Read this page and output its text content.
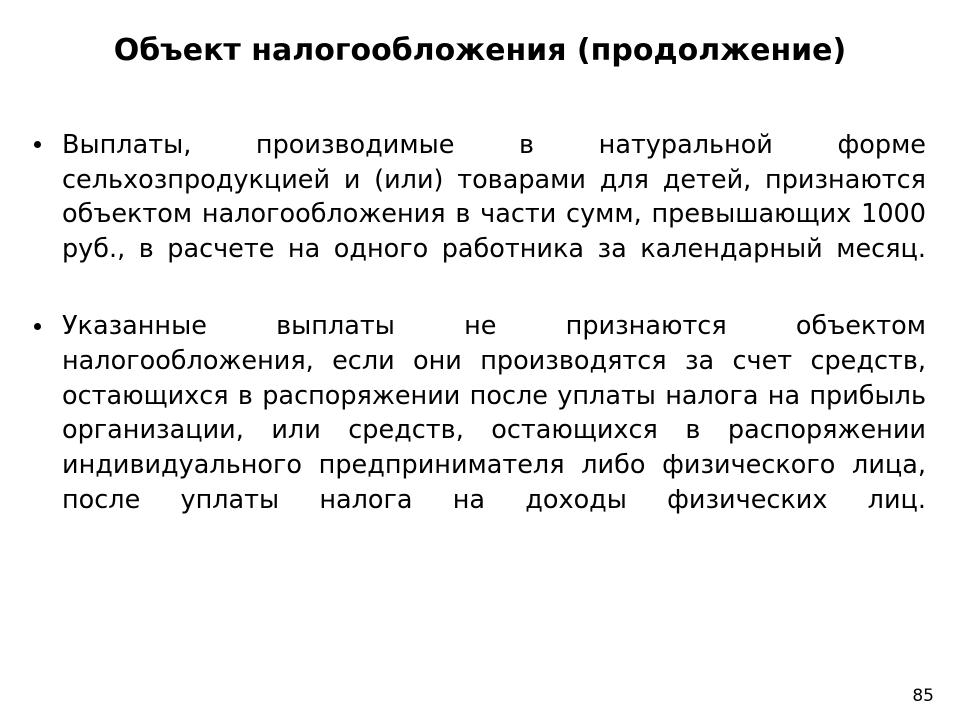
Объект налогообложения (продолжение)
Выплаты, производимые в натуральной форме сельхозпродукцией и (или) товарами для детей, признаются объектом налогообложения в части сумм, превышающих 1000 руб., в расчете на одного работника за календарный месяц.
Указанные выплаты не признаются объектом налогообложения, если они производятся за счет средств, остающихся в распоряжении после уплаты налога на прибыль организации, или средств, остающихся в распоряжении индивидуального предпринимателя либо физического лица, после уплаты налога на доходы физических лиц.
85
